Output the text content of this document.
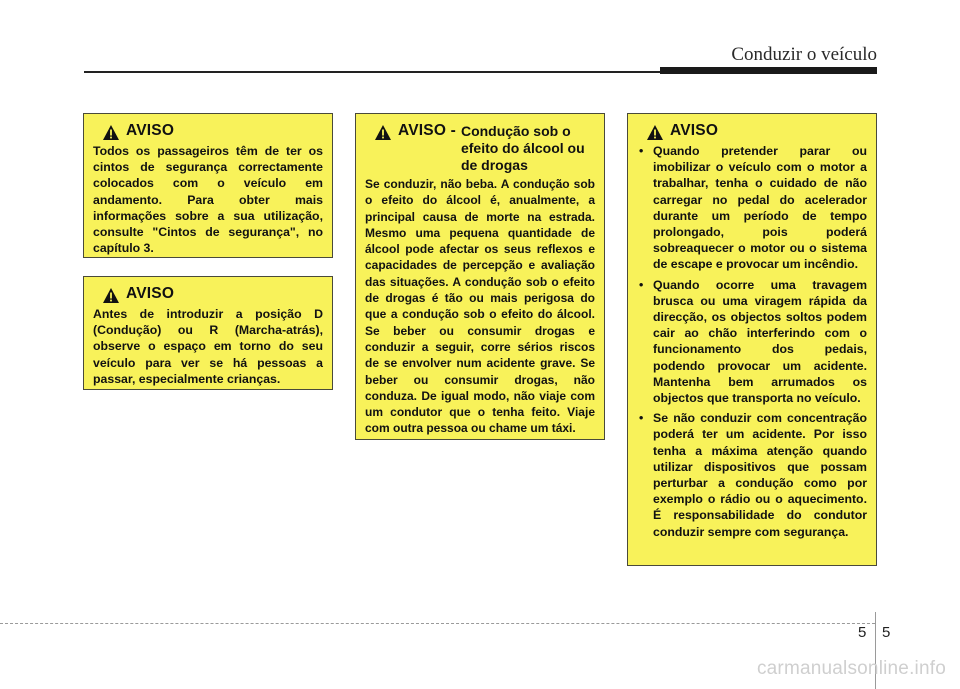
Conduzir o veículo
AVISO
Todos os passageiros têm de ter os cintos de segurança correctamente colocados com o veículo em andamento. Para obter mais informações sobre a sua utilização, consulte "Cintos de segurança", no capítulo 3.
AVISO
Antes de introduzir a posição D (Condução) ou R (Marcha-atrás), observe o espaço em torno do seu veículo para ver se há pessoas a passar, especialmente crianças.
AVISO - Condução sob o efeito do álcool ou de drogas
Se conduzir, não beba. A condução sob o efeito do álcool é, anualmente, a principal causa de morte na estrada. Mesmo uma pequena quantidade de álcool pode afectar os seus reflexos e capacidades de percepção e avaliação das situações. A condução sob o efeito de drogas é tão ou mais perigosa do que a condução sob o efeito do álcool. Se beber ou consumir drogas e conduzir a seguir, corre sérios riscos de se envolver num acidente grave. Se beber ou consumir drogas, não conduza. De igual modo, não viaje com um condutor que o tenha feito. Viaje com outra pessoa ou chame um táxi.
AVISO
• Quando pretender parar ou imobilizar o veículo com o motor a trabalhar, tenha o cuidado de não carregar no pedal do acelerador durante um período de tempo prolongado, pois poderá sobreaquecer o motor ou o sistema de escape e provocar um incêndio.
• Quando ocorre uma travagem brusca ou uma viragem rápida da direcção, os objectos soltos podem cair ao chão interferindo com o funcionamento dos pedais, podendo provocar um acidente. Mantenha bem arrumados os objectos que transporta no veículo.
• Se não conduzir com concentração poderá ter um acidente. Por isso tenha a máxima atenção quando utilizar dispositivos que possam perturbar a condução como por exemplo o rádio ou o aquecimento. É responsabilidade do condutor conduzir sempre com segurança.
5 5
carmanualsonline.info
